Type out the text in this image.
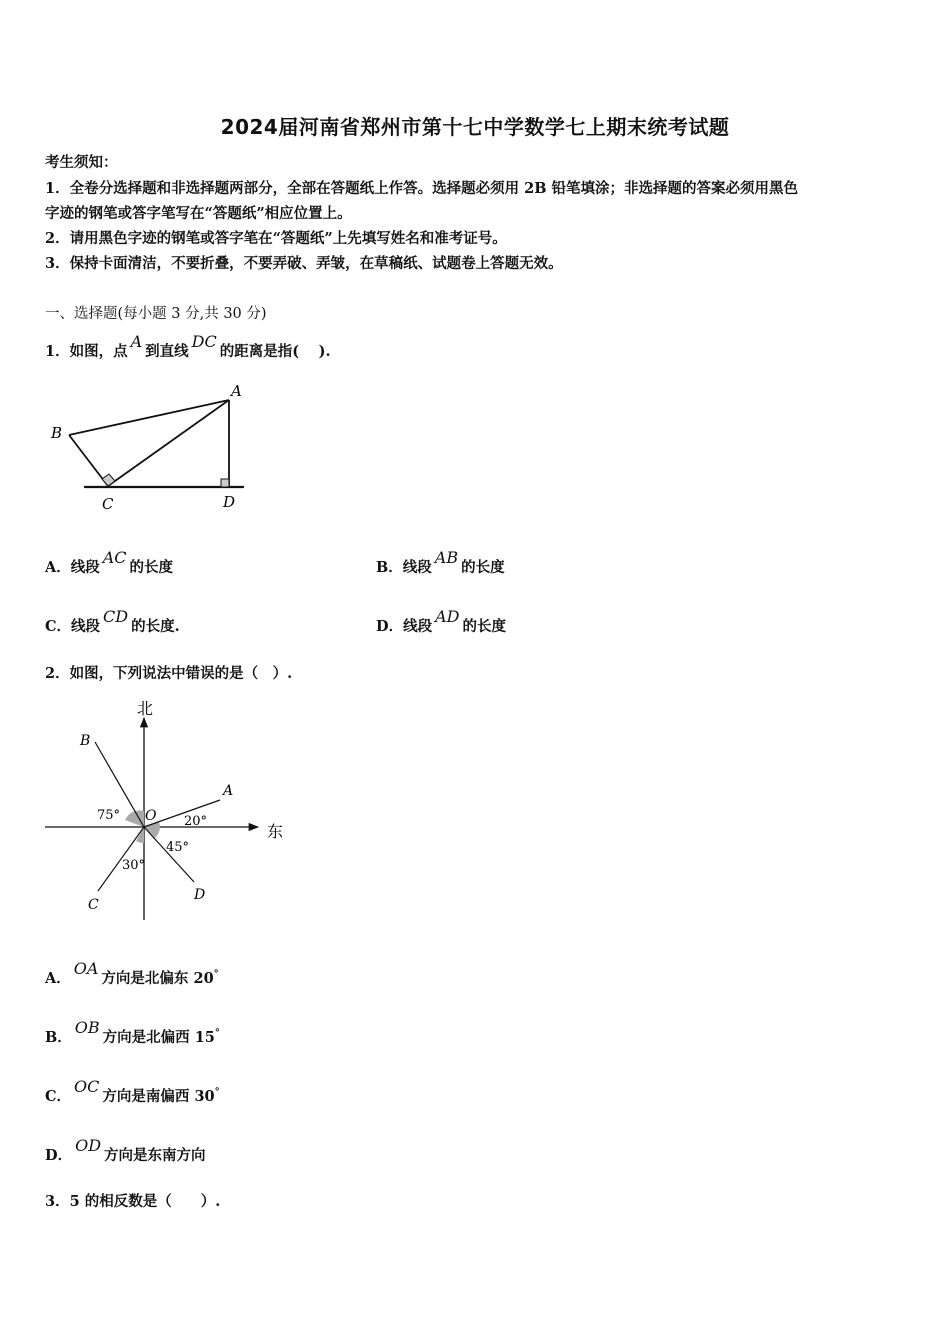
2024届河南省郑州市第十七中学数学七上期末统考试题
考生须知：
1．全卷分选择题和非选择题两部分，全部在答题纸上作答。选择题必须用 2B 铅笔填涂；非选择题的答案必须用黑色
字迹的钢笔或答字笔写在“答题纸”相应位置上。
2．请用黑色字迹的钢笔或答字笔在“答题纸”上先填写姓名和准考证号。
3．保持卡面清洁，不要折叠，不要弄破、弄皱，在草稿纸、试题卷上答题无效。
一、选择题(每小题 3 分,共 30 分)
1．如图，点A到直线DC的距离是指(　 ).
A
B
C	D
A．线段AC的长度	B．线段AB的长度
C．线段CD的长度.	D．线段AD的长度
2．如图，下列说法中错误的是（　）.
北
东
O
A
B
C
D
75°	20°
45°
30°
A．OA方向是北偏东 20°
B．OB方向是北偏西 15°
C．OC方向是南偏西 30°
D．OD方向是东南方向
3．5 的相反数是（　　）.
